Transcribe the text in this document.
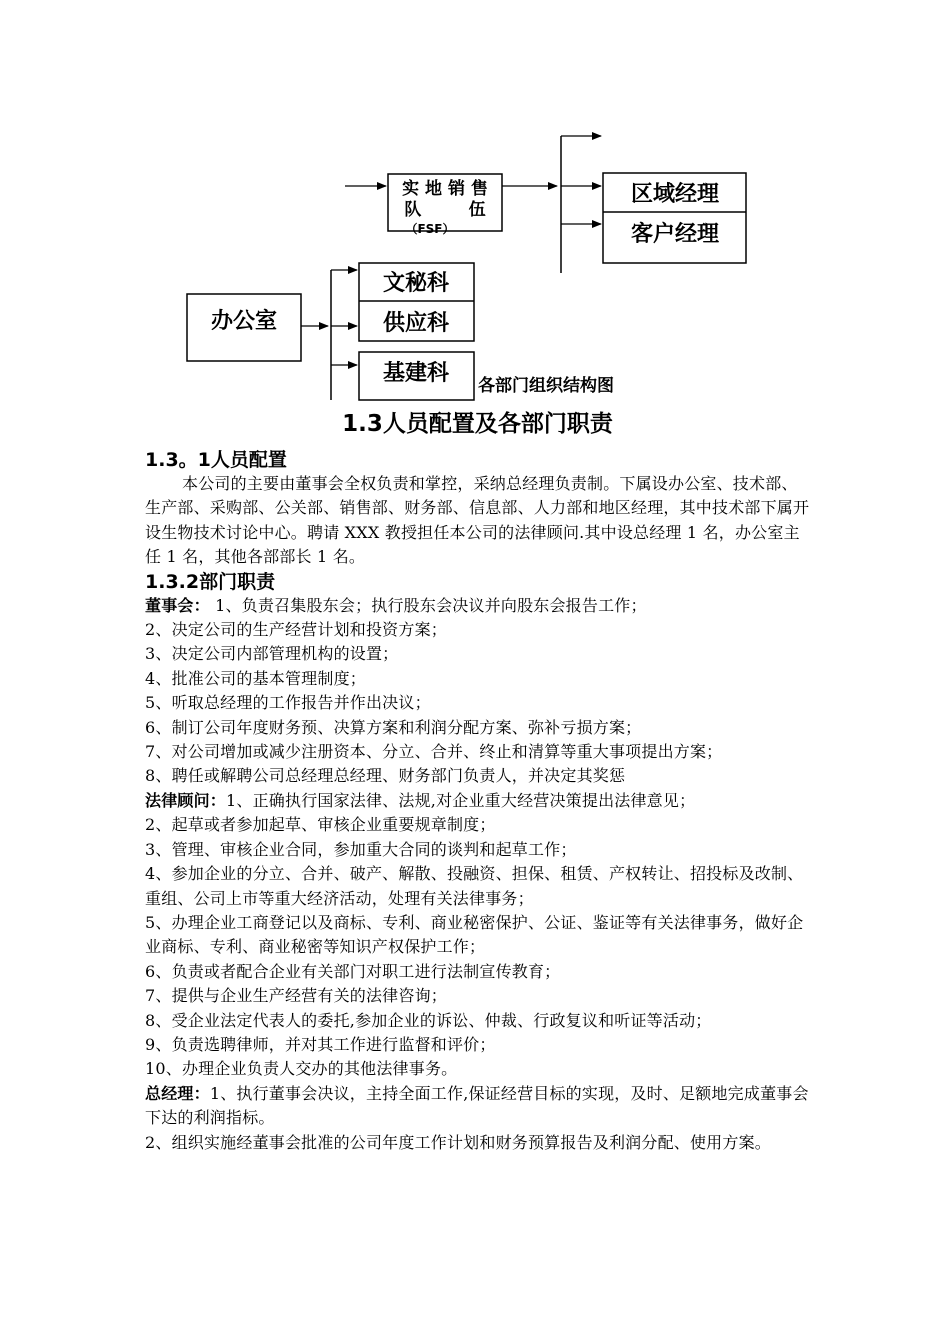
实 地 销 售
队        伍
（FSF）
区域经理
客户经理
办公室
文秘科
供应科
基建科 各部门组织结构图
1.3人员配置及各部门职责
1.3。1人员配置

本公司的主要由董事会全权负责和掌控，采纳总经理负责制。下属设办公室、技术部、生产部、采购部、公关部、销售部、财务部、信息部、人力部和地区经理，其中技术部下属开设生物技术讨论中心。聘请 XXX 教授担任本公司的法律顾问.其中设总经理 1 名，办公室主任 1 名，其他各部部长 1 名。

1.3.2部门职责

董事会： 1、负责召集股东会；执行股东会决议并向股东会报告工作；

2、决定公司的生产经营计划和投资方案；

3、决定公司内部管理机构的设置；

4、批准公司的基本管理制度；

5、听取总经理的工作报告并作出决议；

6、制订公司年度财务预、决算方案和利润分配方案、弥补亏损方案；

7、对公司增加或减少注册资本、分立、合并、终止和清算等重大事项提出方案；

8、聘任或解聘公司总经理总经理、财务部门负责人，并决定其奖惩

法律顾问：1、正确执行国家法律、法规,对企业重大经营决策提出法律意见；

2、起草或者参加起草、审核企业重要规章制度；

3、管理、审核企业合同，参加重大合同的谈判和起草工作；

4、参加企业的分立、合并、破产、解散、投融资、担保、租赁、产权转让、招投标及改制、重组、公司上市等重大经济活动，处理有关法律事务；

5、办理企业工商登记以及商标、专利、商业秘密保护、公证、鉴证等有关法律事务，做好企业商标、专利、商业秘密等知识产权保护工作；

6、负责或者配合企业有关部门对职工进行法制宣传教育；

7、提供与企业生产经营有关的法律咨询；

8、受企业法定代表人的委托,参加企业的诉讼、仲裁、行政复议和听证等活动；

9、负责选聘律师，并对其工作进行监督和评价；

10、办理企业负责人交办的其他法律事务。

总经理：1、执行董事会决议，主持全面工作,保证经营目标的实现，及时、足额地完成董事会下达的利润指标。

2、组织实施经董事会批准的公司年度工作计划和财务预算报告及利润分配、使用方案。
